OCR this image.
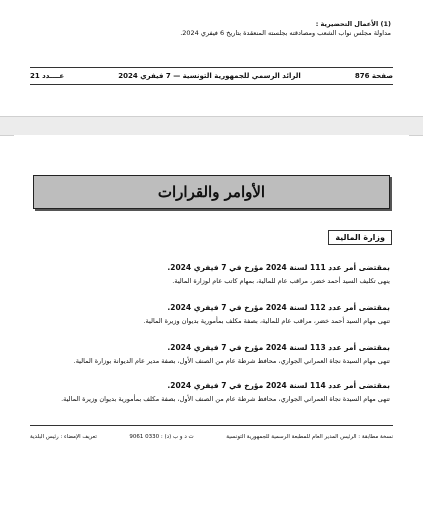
(1) الأعمال التحضيرية :
مداولة مجلس نواب الشعب ومصادقته بجلسته المنعقدة بتاريخ 6 فيفري 2024.
صفحة 876
الرائد الرسمي للجمهورية التونسية — 7 فيفري 2024
عــــدد 21
الأوامر والقرارات
وزارة المالية
بمقتضى أمر عدد 111 لسنة 2024 مؤرخ في 7 فيفري 2024.
ينهى تكليف السيد أحمد خضر، مراقب عام للمالية، بمهام كاتب عام لوزارة المالية.
بمقتضى أمر عدد 112 لسنة 2024 مؤرخ في 7 فيفري 2024.
تنهى مهام السيد أحمد خضر، مراقب عام للمالية، بصفة مكلف بمأمورية بديوان وزيرة المالية.
بمقتضى أمر عدد 113 لسنة 2024 مؤرخ في 7 فيفري 2024.
تنهى مهام السيدة نجاة العمراني الجواري، محافظ شرطة عام من الصنف الأول، بصفة مدير عام الديوانة بوزارة المالية.
بمقتضى أمر عدد 114 لسنة 2024 مؤرخ في 7 فيفري 2024.
تنهى مهام السيدة نجاة العمراني الجواري، محافظ شرطة عام من الصنف الأول، بصفة مكلف بمأمورية بديوان وزيرة المالية.
نسخة مطابقة : الرئيس المدير العام للمطبعة الرسمية للجمهورية التونسية
ت د و ب (د) : 0330 9061
تعريف الإمضاء : رئيس البلدية
